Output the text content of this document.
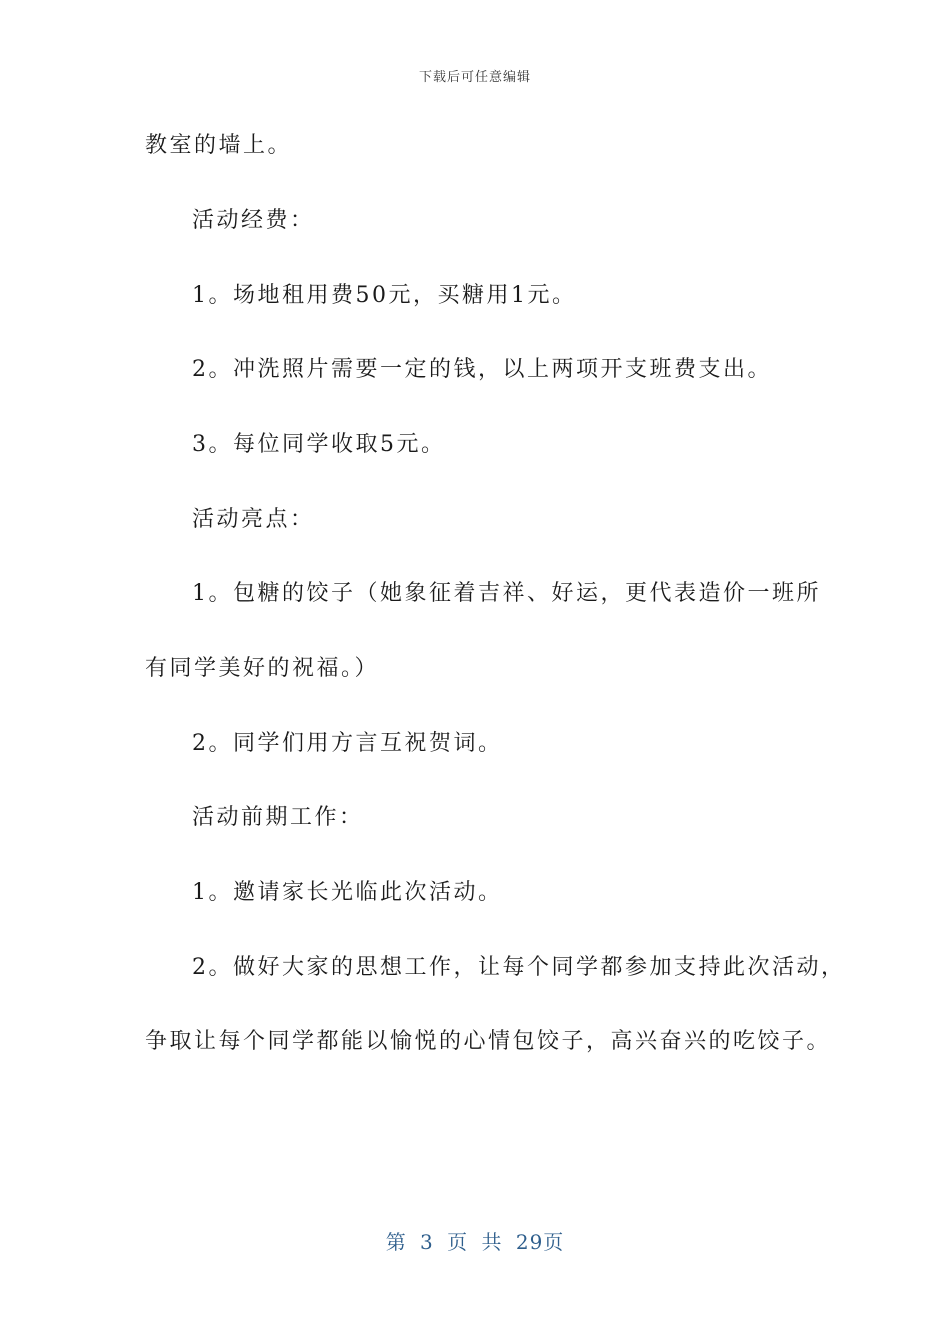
下载后可任意编辑
教室的墙上。
活动经费：
1。场地租用费50元，买糖用1元。
2。冲洗照片需要一定的钱，以上两项开支班费支出。
3。每位同学收取5元。
活动亮点：
1。包糖的饺子（她象征着吉祥、好运，更代表造价一班所
有同学美好的祝福。）
2。同学们用方言互祝贺词。
活动前期工作：
1。邀请家长光临此次活动。
2。做好大家的思想工作，让每个同学都参加支持此次活动，
争取让每个同学都能以愉悦的心情包饺子，高兴奋兴的吃饺子。
第 3 页 共 29页
